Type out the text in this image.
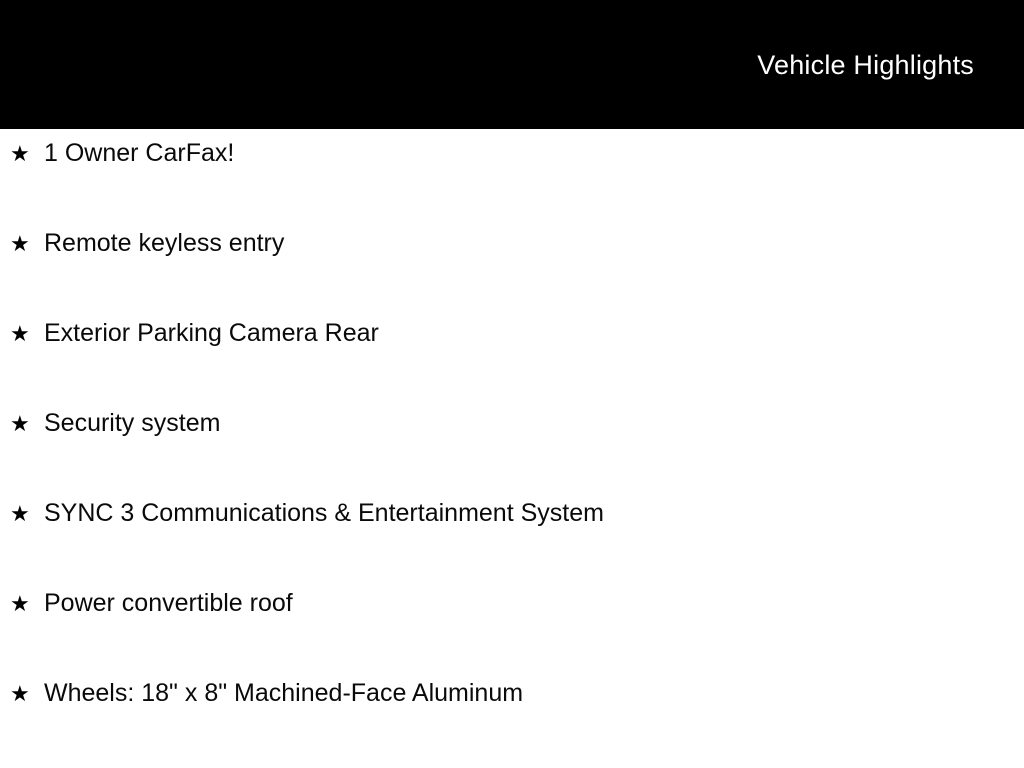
Vehicle Highlights
★ 1 Owner CarFax!
★ Remote keyless entry
★ Exterior Parking Camera Rear
★ Security system
★ SYNC 3 Communications & Entertainment System
★ Power convertible roof
★ Wheels: 18" x 8" Machined-Face Aluminum
